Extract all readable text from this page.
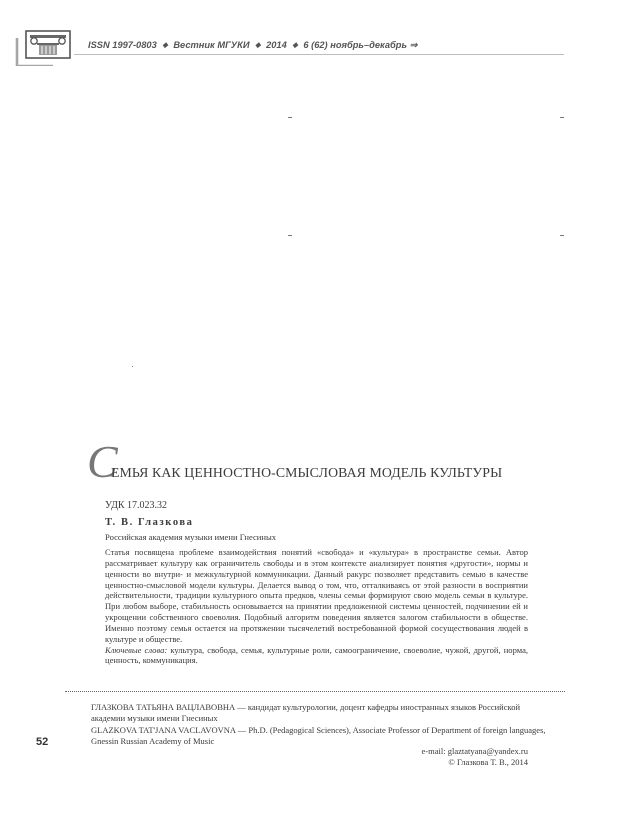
ISSN 1997-0803 ◆ Вестник МГУКИ ◆ 2014 ◆ 6 (62) ноябрь–декабрь ⇒
С
ЕМЬЯ КАК ЦЕННОСТНО-СМЫСЛОВАЯ МОДЕЛЬ КУЛЬТУРЫ
УДК 17.023.32
Т. В. Глазкова
Российская академия музыки имени Гнесиных

Статья посвящена проблеме взаимодействия понятий «свобода» и «культура» в пространстве семьи. Автор рассматривает культуру как ограничитель свободы и в этом контексте анализирует понятия «другости», нормы и ценности во внутри- и межкультурной коммуникации. Данный ракурс позволяет представить семью в качестве ценностно-смысловой модели культуры. Делается вывод о том, что, отталкиваясь от этой разности в восприятии действительности, традиции культурного опыта предков, члены семьи формируют свою модель семьи в культуре. При любом выборе, стабильность основывается на принятии предложенной системы ценностей, подчинении ей и укрощении собственного своеволия. Подобный алгоритм поведения является залогом стабильности в обществе. Именно поэтому семья остается на протяжении тысячелетий востребованной формой сосуществования людей в культуре и обществе.

Ключевые слова: культура, свобода, семья, культурные роли, самоограничение, своеволие, чужой, другой, норма, ценность, коммуникация.

ГЛАЗКОВА ТАТЬЯНА ВАЦЛАВОВНА — кандидат культурологии, доцент кафедры иностранных языков Российской академии музыки имени Гнесиных
GLAZKOVA TAT'JANA VACLAVOVNA — Ph.D. (Pedagogical Sciences), Associate Professor of Department of foreign languages, Gnessin Russian Academy of Music
e-mail: glaztatyana@yandex.ru
© Глазкова Т. В., 2014
52
